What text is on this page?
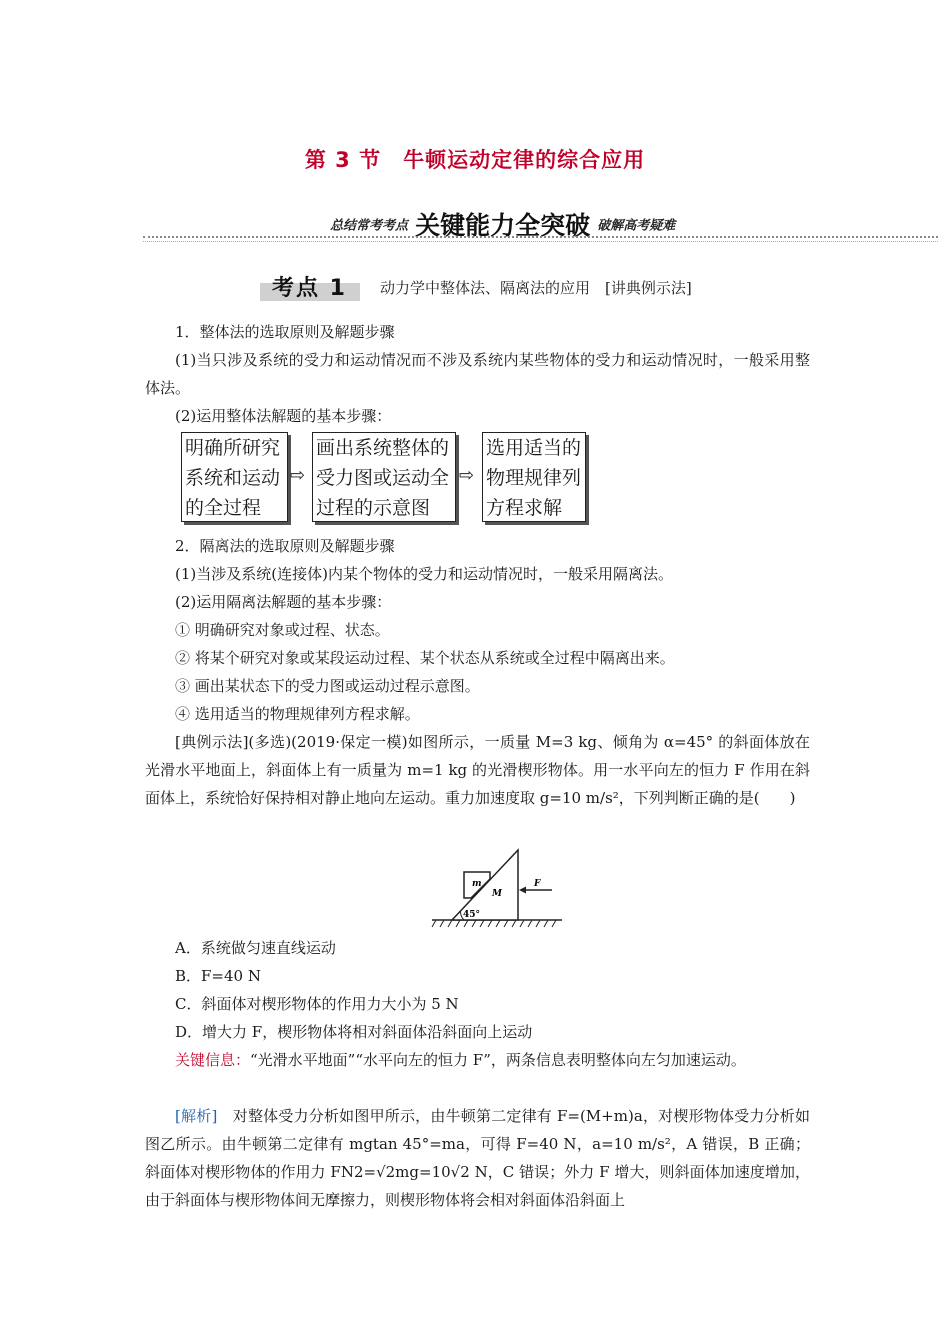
第 3 节　牛顿运动定律的综合应用
总结常考考点 关键能力全突破 破解高考疑难
考点 1 动力学中整体法、隔离法的应用　[讲典例示法]
1．整体法的选取原则及解题步骤
(1)当只涉及系统的受力和运动情况而不涉及系统内某些物体的受力和运动情况时，一般采用整体法。
(2)运用整体法解题的基本步骤：
明确所研究
系统和运动
的全过程
⇨
画出系统整体的
受力图或运动全
过程的示意图
⇨
选用适当的
物理规律列
方程求解
2．隔离法的选取原则及解题步骤
(1)当涉及系统(连接体)内某个物体的受力和运动情况时，一般采用隔离法。
(2)运用隔离法解题的基本步骤：
① 明确研究对象或过程、状态。
② 将某个研究对象或某段运动过程、某个状态从系统或全过程中隔离出来。
③ 画出某状态下的受力图或运动过程示意图。
④ 选用适当的物理规律列方程求解。
[典例示法](多选)(2019·保定一模)如图所示，一质量 M=3 kg、倾角为 α=45° 的斜面体放在光滑水平地面上，斜面体上有一质量为 m=1 kg 的光滑楔形物体。用一水平向左的恒力 F 作用在斜面体上，系统恰好保持相对静止地向左运动。重力加速度取 g=10 m/s²，下列判断正确的是(　　)
m
M
45°
F
A．系统做匀速直线运动
B．F=40 N
C．斜面体对楔形物体的作用力大小为 5 N
D．增大力 F，楔形物体将相对斜面体沿斜面向上运动
关键信息：“光滑水平地面”“水平向左的恒力 F”，两条信息表明整体向左匀加速运动。
[解析]　对整体受力分析如图甲所示，由牛顿第二定律有 F=(M+m)a，对楔形物体受力分析如图乙所示。由牛顿第二定律有 mgtan 45°=ma，可得 F=40 N，a=10 m/s²，A 错误，B 正确；斜面体对楔形物体的作用力 FN2=√2mg=10√2 N，C 错误；外力 F 增大，则斜面体加速度增加，由于斜面体与楔形物体间无摩擦力，则楔形物体将会相对斜面体沿斜面上
